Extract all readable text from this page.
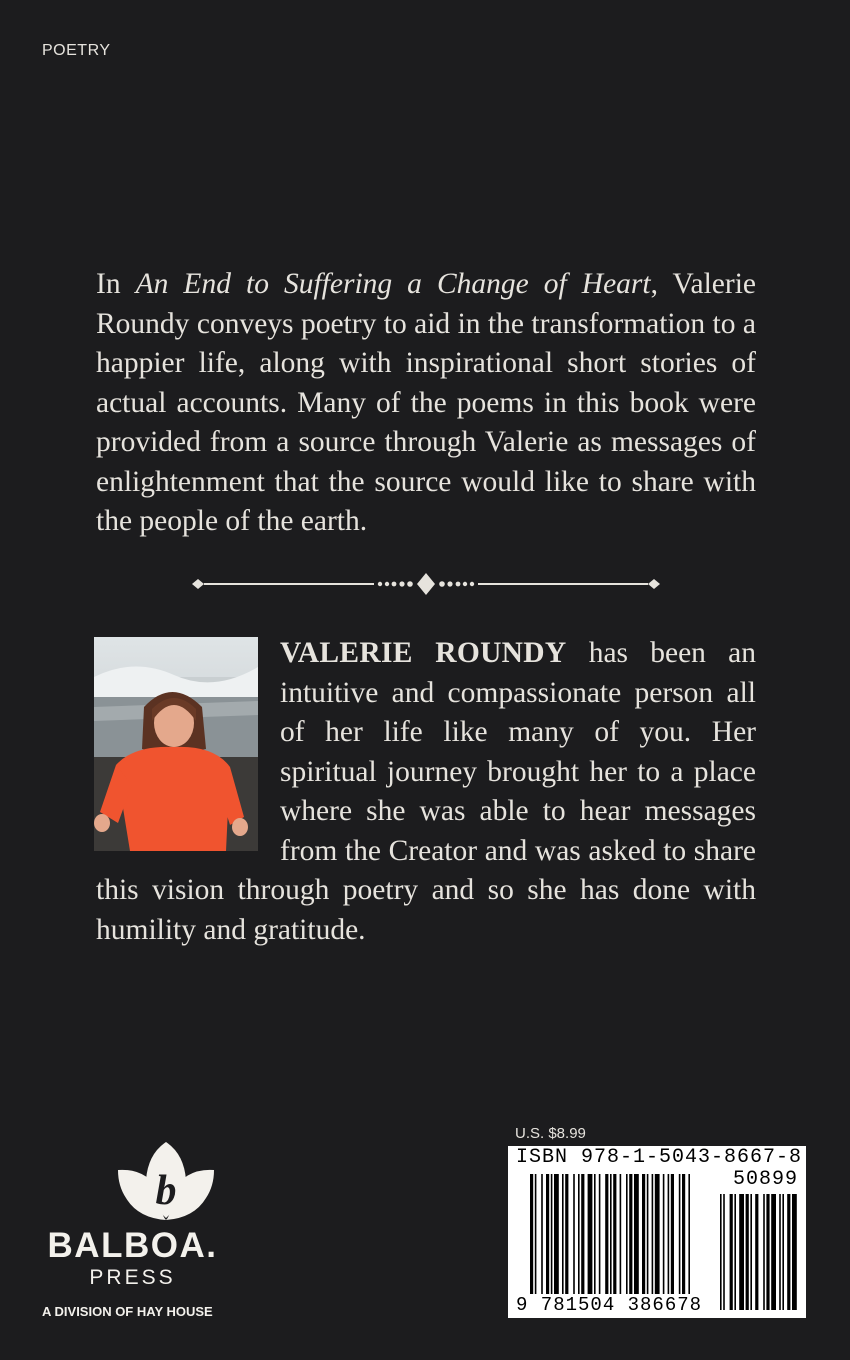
POETRY

In An End to Suffering a Change of Heart, Valerie Roundy conveys poetry to aid in the transformation to a happier life, along with inspirational short stories of actual accounts. Many of the poems in this book were provided from a source through Valerie as messages of enlightenment that the source would like to share with the people of the earth.

VALERIE ROUNDY has been an intuitive and compassionate person all of her life like many of you. Her spiritual journey brought her to a place where she was able to hear messages from the Creator and was asked to share this vision through poetry and so she has done with humility and gratitude.

b
BALBOA.
PRESS
A DIVISION OF HAY HOUSE
U.S. $8.99
ISBN 978-1-5043-8667-8
50899
9 781504 386678
